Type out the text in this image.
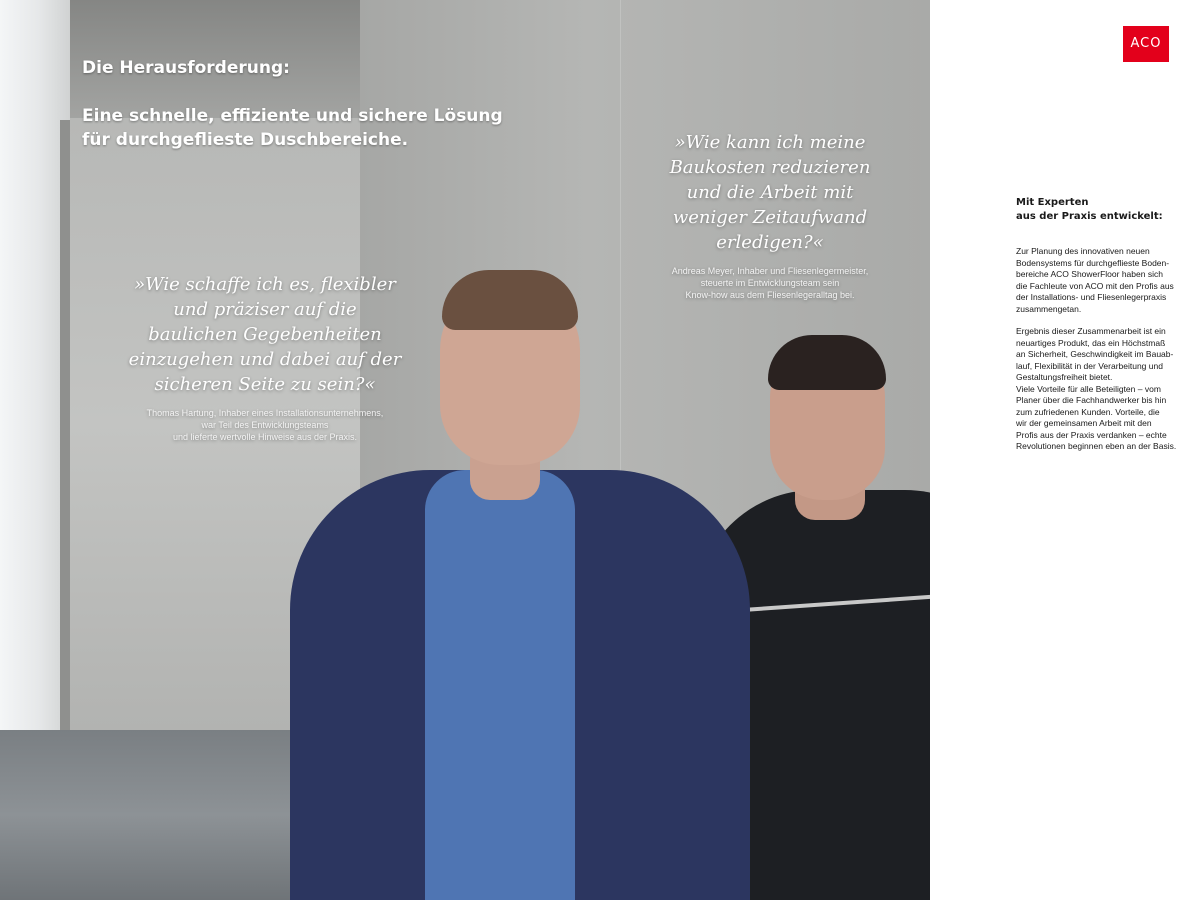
Die Herausforderung:
Eine schnelle, effiziente und sichere Lösung
für durchgeflieste Duschbereiche.
»Wie schaffe ich es, flexibler
und präziser auf die
baulichen Gegebenheiten
einzugehen und dabei auf der
sicheren Seite zu sein?«
Thomas Hartung, Inhaber eines Installationsunternehmens,
war Teil des Entwicklungsteams
und lieferte wertvolle Hinweise aus der Praxis.
»Wie kann ich meine
Baukosten reduzieren
und die Arbeit mit
weniger Zeitaufwand
erledigen?«
Andreas Meyer, Inhaber und Fliesenlegermeister,
steuerte im Entwicklungsteam sein
Know-how aus dem Fliesenlegeralltag bei.
ACO
Mit Experten
aus der Praxis entwickelt:

Zur Planung des innovativen neuen
Bodensystems für durchgeflieste Boden-
bereiche ACO ShowerFloor haben sich
die Fachleute von ACO mit den Profis aus
der Installations- und Fliesenlegerpraxis
zusammengetan.

Ergebnis dieser Zusammenarbeit ist ein
neuartiges Produkt, das ein Höchstmaß
an Sicherheit, Geschwindigkeit im Bauab-
lauf, Flexibilität in der Verarbeitung und
Gestaltungsfreiheit bietet.
Viele Vorteile für alle Beteiligten – vom
Planer über die Fachhandwerker bis hin
zum zufriedenen Kunden. Vorteile, die
wir der gemeinsamen Arbeit mit den
Profis aus der Praxis verdanken – echte
Revolutionen beginnen eben an der Basis.
